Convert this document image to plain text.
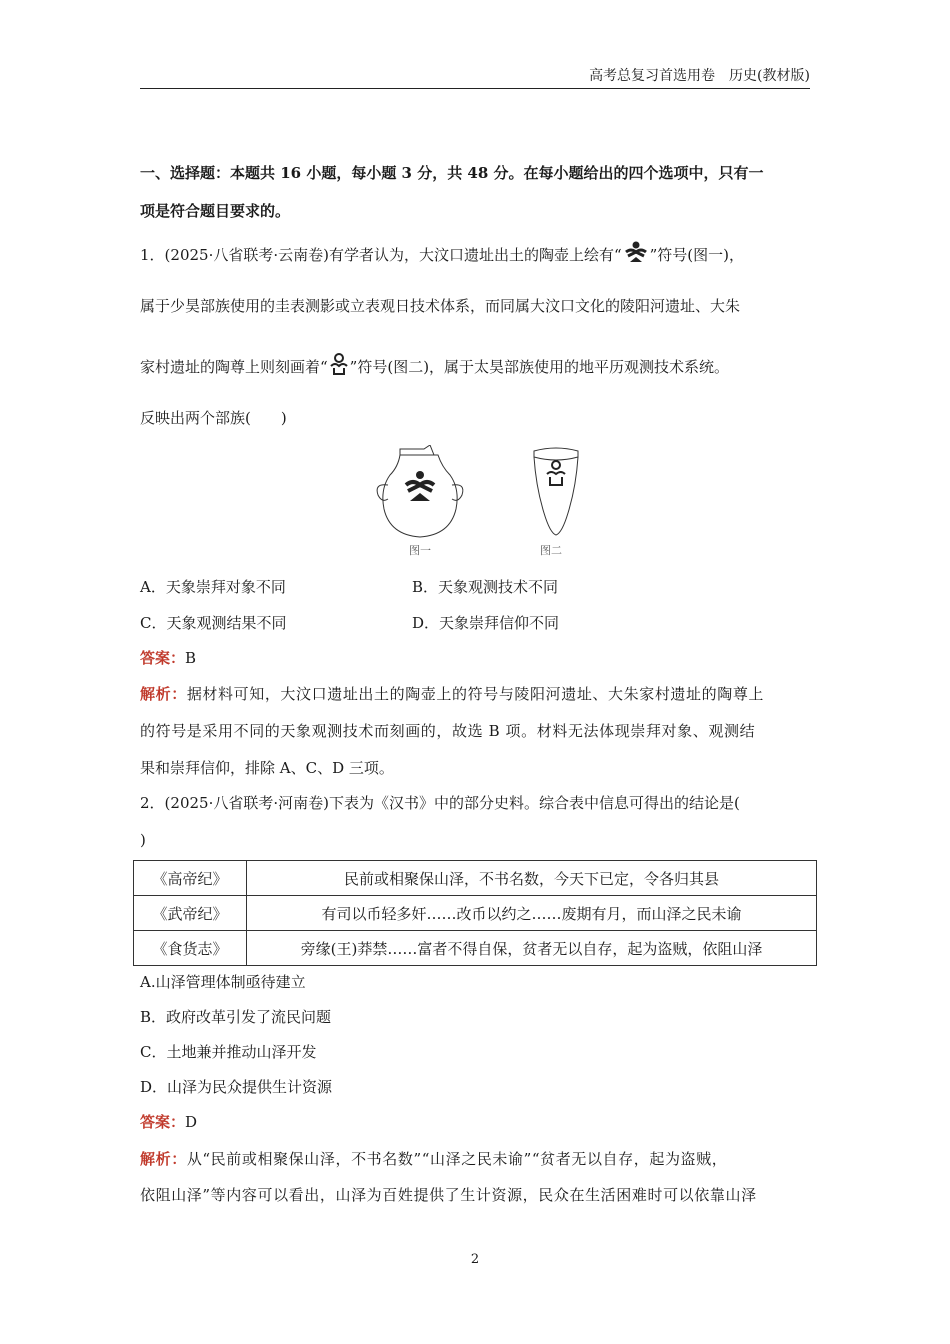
高考总复习首选用卷　历史(教材版)
一、选择题：本题共 16 小题，每小题 3 分，共 48 分。在每小题给出的四个选项中，只有一
项是符合题目要求的。
1．(2025·八省联考·云南卷)有学者认为，大汶口遗址出土的陶壶上绘有“ ”符号(图一)，
属于少昊部族使用的圭表测影或立表观日技术体系，而同属大汶口文化的陵阳河遗址、大朱
家村遗址的陶尊上则刻画着“ ”符号(图二)，属于太昊部族使用的地平历观测技术系统。
反映出两个部族(　　)
图一	图二
A．天象崇拜对象不同	B．天象观测技术不同
C．天象观测结果不同	D．天象崇拜信仰不同
答案：B
解析：据材料可知，大汶口遗址出土的陶壶上的符号与陵阳河遗址、大朱家村遗址的陶尊上
的符号是采用不同的天象观测技术而刻画的，故选 B 项。材料无法体现崇拜对象、观测结
果和崇拜信仰，排除 A、C、D 三项。
2．(2025·八省联考·河南卷)下表为《汉书》中的部分史料。综合表中信息可得出的结论是(
)
《高帝纪》	民前或相聚保山泽，不书名数，今天下已定，令各归其县
《武帝纪》	有司以币轻多奸……改币以约之……废期有月，而山泽之民未谕
《食货志》	旁缘(王)莽禁……富者不得自保，贫者无以自存，起为盗贼，依阻山泽
A.山泽管理体制亟待建立
B．政府改革引发了流民问题
C．土地兼并推动山泽开发
D．山泽为民众提供生计资源
答案：D
解析：从“民前或相聚保山泽，不书名数”“山泽之民未谕”“贫者无以自存，起为盗贼，
依阻山泽”等内容可以看出，山泽为百姓提供了生计资源，民众在生活困难时可以依靠山泽
2
